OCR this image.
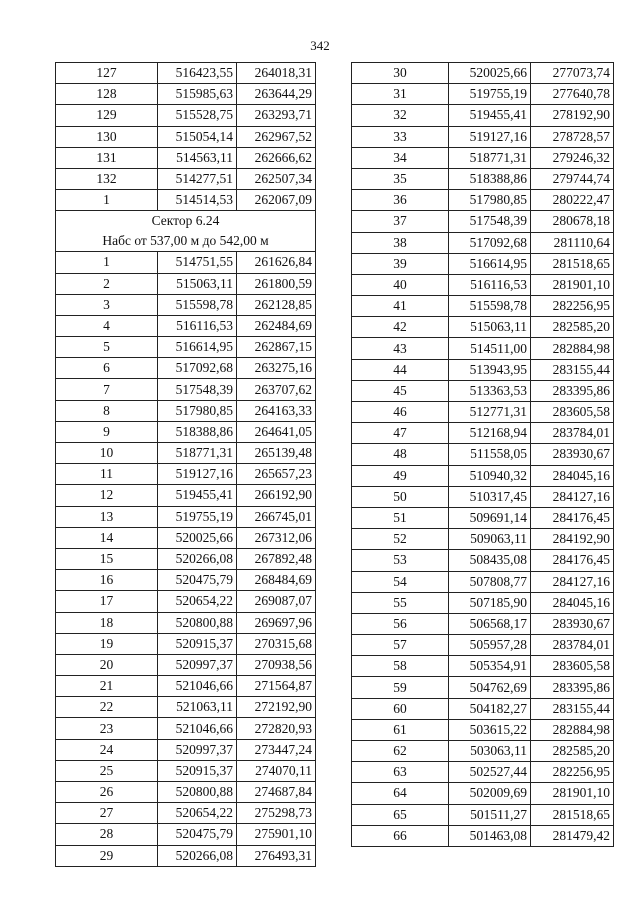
342
127	516423,55	264018,31
128	515985,63	263644,29
129	515528,75	263293,71
130	515054,14	262967,52
131	514563,11	262666,62
132	514277,51	262507,34
1	514514,53	262067,09

Сектор 6.24
Набс от 537,00 м до 542,00 м		

1	514751,55	261626,84
2	515063,11	261800,59
3	515598,78	262128,85
4	516116,53	262484,69
5	516614,95	262867,15
6	517092,68	263275,16
7	517548,39	263707,62
8	517980,85	264163,33
9	518388,86	264641,05
10	518771,31	265139,48
11	519127,16	265657,23
12	519455,41	266192,90
13	519755,19	266745,01
14	520025,66	267312,06
15	520266,08	267892,48
16	520475,79	268484,69
17	520654,22	269087,07
18	520800,88	269697,96
19	520915,37	270315,68
20	520997,37	270938,56
21	521046,66	271564,87
22	521063,11	272192,90
23	521046,66	272820,93
24	520997,37	273447,24
25	520915,37	274070,11
26	520800,88	274687,84
27	520654,22	275298,73
28	520475,79	275901,10
29	520266,08	276493,31
30	520025,66	277073,74
31	519755,19	277640,78
32	519455,41	278192,90
33	519127,16	278728,57
34	518771,31	279246,32
35	518388,86	279744,74
36	517980,85	280222,47
37	517548,39	280678,18
38	517092,68	281110,64
39	516614,95	281518,65
40	516116,53	281901,10
41	515598,78	282256,95
42	515063,11	282585,20
43	514511,00	282884,98
44	513943,95	283155,44
45	513363,53	283395,86
46	512771,31	283605,58
47	512168,94	283784,01
48	511558,05	283930,67
49	510940,32	284045,16
50	510317,45	284127,16
51	509691,14	284176,45
52	509063,11	284192,90
53	508435,08	284176,45
54	507808,77	284127,16
55	507185,90	284045,16
56	506568,17	283930,67
57	505957,28	283784,01
58	505354,91	283605,58
59	504762,69	283395,86
60	504182,27	283155,44
61	503615,22	282884,98
62	503063,11	282585,20
63	502527,44	282256,95
64	502009,69	281901,10
65	501511,27	281518,65
66	501463,08	281479,42
